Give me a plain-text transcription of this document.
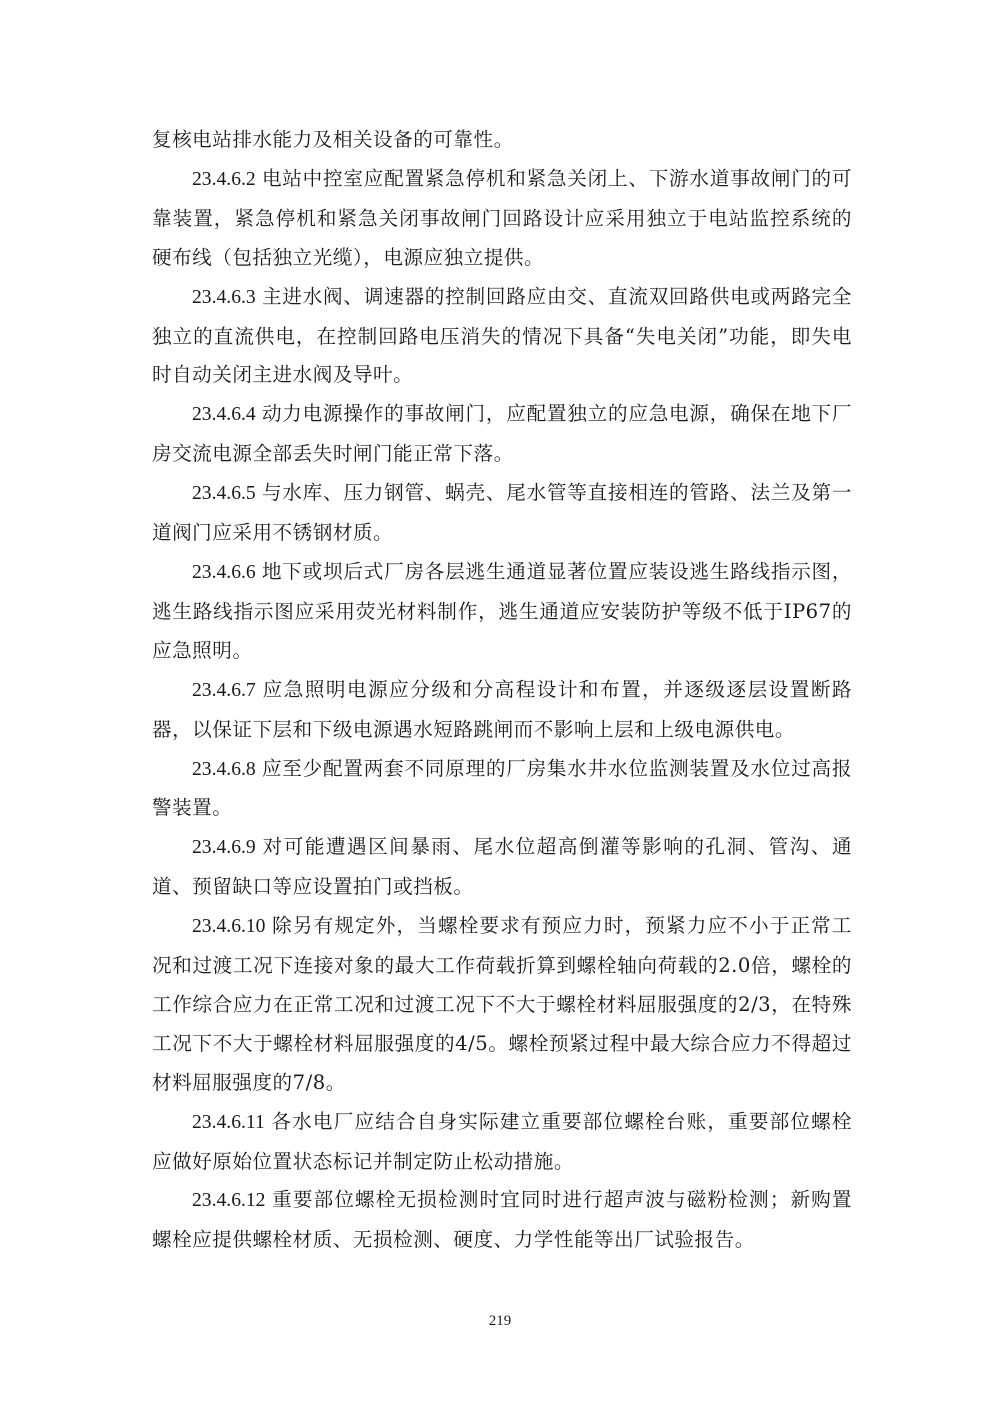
复核电站排水能力及相关设备的可靠性。

23.4.6.2 电站中控室应配置紧急停机和紧急关闭上、下游水道事故闸门的可靠装置，紧急停机和紧急关闭事故闸门回路设计应采用独立于电站监控系统的硬布线（包括独立光缆），电源应独立提供。

23.4.6.3 主进水阀、调速器的控制回路应由交、直流双回路供电或两路完全独立的直流供电，在控制回路电压消失的情况下具备“失电关闭”功能，即失电时自动关闭主进水阀及导叶。

23.4.6.4 动力电源操作的事故闸门，应配置独立的应急电源，确保在地下厂房交流电源全部丢失时闸门能正常下落。

23.4.6.5 与水库、压力钢管、蜗壳、尾水管等直接相连的管路、法兰及第一道阀门应采用不锈钢材质。

23.4.6.6 地下或坝后式厂房各层逃生通道显著位置应装设逃生路线指示图，逃生路线指示图应采用荧光材料制作，逃生通道应安装防护等级不低于IP67的应急照明。

23.4.6.7 应急照明电源应分级和分高程设计和布置，并逐级逐层设置断路器，以保证下层和下级电源遇水短路跳闸而不影响上层和上级电源供电。

23.4.6.8 应至少配置两套不同原理的厂房集水井水位监测装置及水位过高报警装置。

23.4.6.9 对可能遭遇区间暴雨、尾水位超高倒灌等影响的孔洞、管沟、通道、预留缺口等应设置拍门或挡板。

23.4.6.10 除另有规定外，当螺栓要求有预应力时，预紧力应不小于正常工况和过渡工况下连接对象的最大工作荷载折算到螺栓轴向荷载的2.0倍，螺栓的工作综合应力在正常工况和过渡工况下不大于螺栓材料屈服强度的2/3，在特殊工况下不大于螺栓材料屈服强度的4/5。螺栓预紧过程中最大综合应力不得超过材料屈服强度的7/8。

23.4.6.11 各水电厂应结合自身实际建立重要部位螺栓台账，重要部位螺栓应做好原始位置状态标记并制定防止松动措施。

23.4.6.12 重要部位螺栓无损检测时宜同时进行超声波与磁粉检测；新购置螺栓应提供螺栓材质、无损检测、硬度、力学性能等出厂试验报告。

219
